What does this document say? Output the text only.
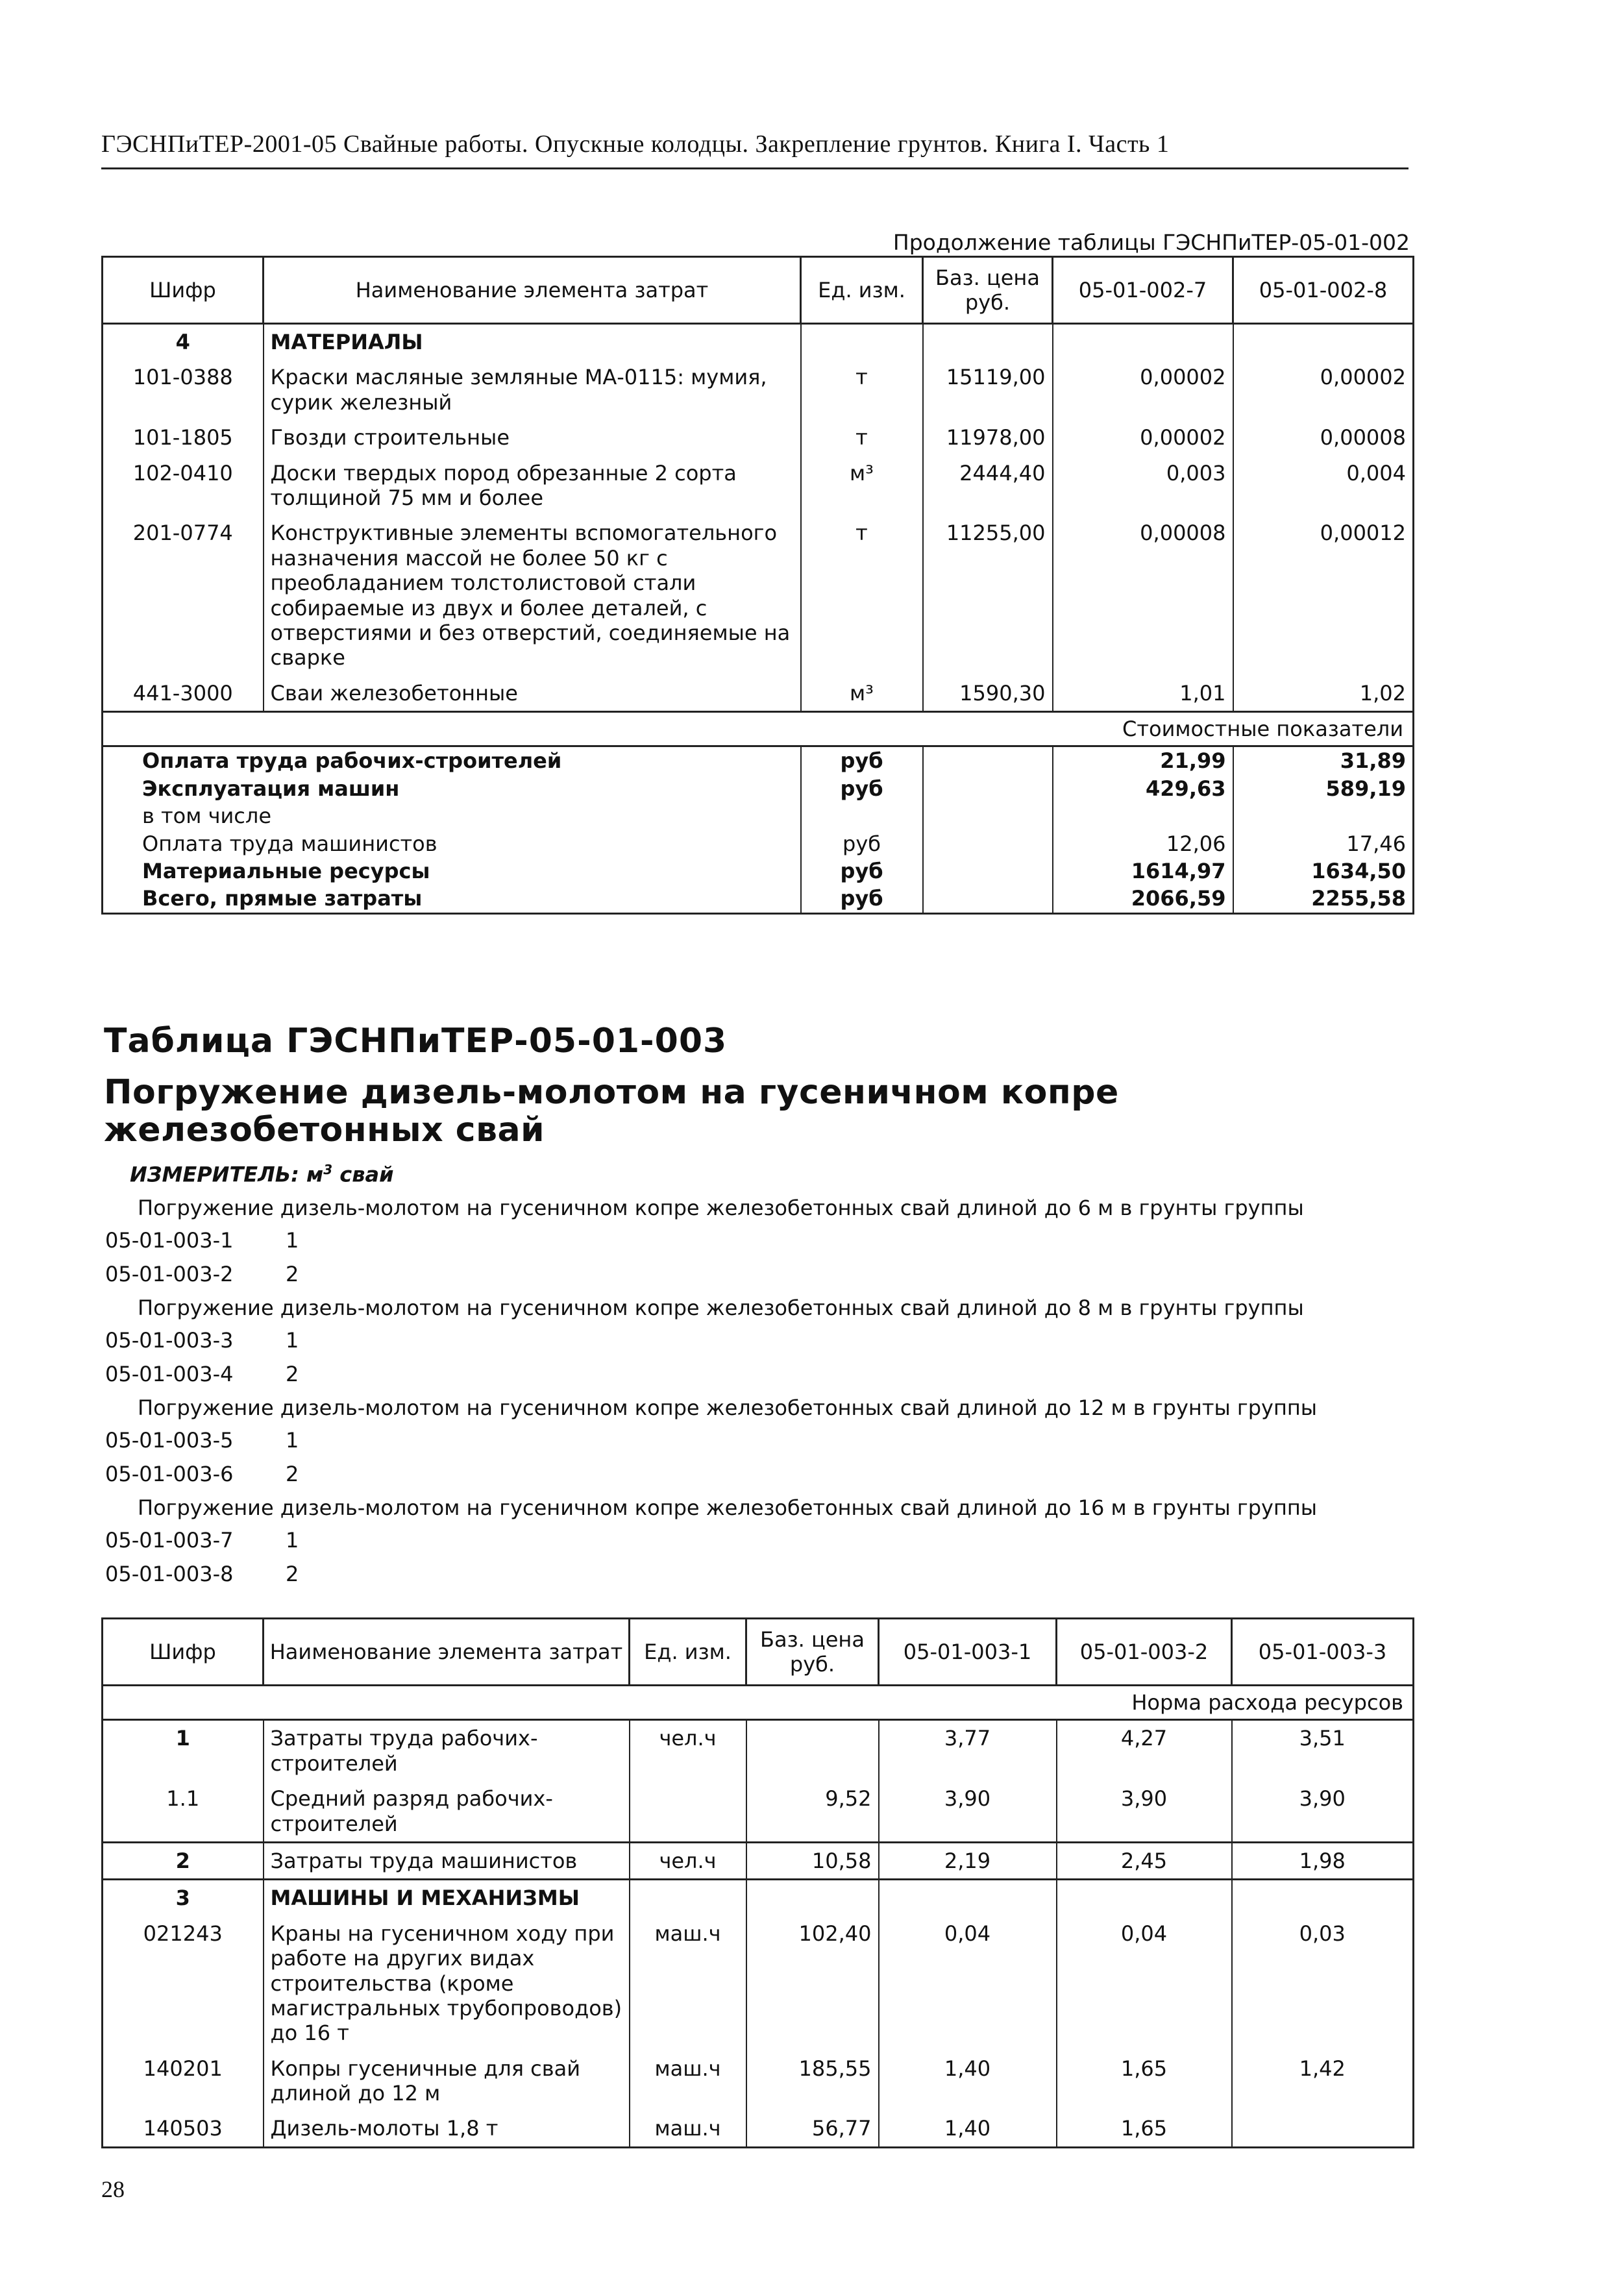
ГЭСНПиТЕР-2001-05 Свайные работы. Опускные колодцы. Закрепление грунтов. Книга I. Часть 1
Продолжение таблицы ГЭСНПиТЕР-05-01-002
Шифр	Наименование элемента затрат	Ед. изм.	Баз. цена руб.	05-01-002-7	05-01-002-8
4	МАТЕРИАЛЫ				
101-0388	Краски масляные земляные МА-0115: мумия, сурик железный	т	15119,00	0,00002	0,00002
101-1805	Гвозди строительные	т	11978,00	0,00002	0,00008
102-0410	Доски твердых пород обрезанные 2 сорта толщиной 75 мм и более	м³	2444,40	0,003	0,004
201-0774	Конструктивные элементы вспомогательного назначения массой не более 50 кг с преобладанием толстолистовой стали собираемые из двух и более деталей, с отверстиями и без отверстий, соединяемые на сварке	т	11255,00	0,00008	0,00012
441-3000	Сваи железобетонные	м³	1590,30	1,01	1,02
Стоимостные показатели					
Оплата труда рабочих-строителей		руб		21,99	31,89
Эксплуатация машин		руб		429,63	589,19
в том числе					
Оплата труда машинистов		руб		12,06	17,46
Материальные ресурсы		руб		1614,97	1634,50
Всего, прямые затраты		руб		2066,59	2255,58
Таблица ГЭСНПиТЕР-05-01-003
Погружение дизель-молотом на гусеничном копре железобетонных свай
ИЗМЕРИТЕЛЬ: $м^3$ свай
Погружение дизель-молотом на гусеничном копре железобетонных свай длиной до 6 м в грунты группы
05-01-003-1	1
05-01-003-2	2
Погружение дизель-молотом на гусеничном копре железобетонных свай длиной до 8 м в грунты группы
05-01-003-3	1
05-01-003-4	2
Погружение дизель-молотом на гусеничном копре железобетонных свай длиной до 12 м в грунты группы
05-01-003-5	1
05-01-003-6	2
Погружение дизель-молотом на гусеничном копре железобетонных свай длиной до 16 м в грунты группы
05-01-003-7	1
05-01-003-8	2
Шифр	Наименование элемента затрат	Ед. изм.	Баз. цена руб.	05-01-003-1	05-01-003-2	05-01-003-3
Норма расхода ресурсов						
1	Затраты труда рабочих-строителей	чел.ч		3,77	4,27	3,51
1.1	Средний разряд рабочих-строителей		9,52	3,90	3,90	3,90
2	Затраты труда машинистов	чел.ч	10,58	2,19	2,45	1,98
3	МАШИНЫ И МЕХАНИЗМЫ					
021243	Краны на гусеничном ходу при работе на других видах строительства (кроме магистральных трубопроводов) до 16 т	маш.ч	102,40	0,04	0,04	0,03
140201	Копры гусеничные для свай длиной до 12 м	маш.ч	185,55	1,40	1,65	1,42
140503	Дизель-молоты 1,8 т	маш.ч	56,77	1,40	1,65	
28
